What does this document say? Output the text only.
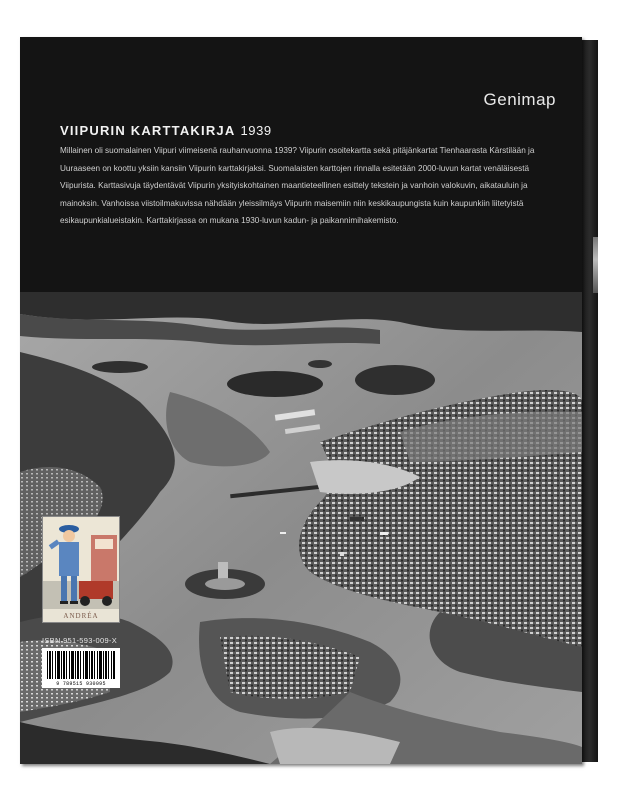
Genimap
VIIPURIN KARTTAKIRJA 1939
Millainen oli suomalainen Viipuri viimeisenä rauhanvuonna 1939? Viipurin osoitekartta sekä pitäjänkartat Tienhaarasta Kärstilään ja Uuraaseen on koottu yksiin kansiin Viipurin karttakirjaksi. Suomalaisten karttojen rinnalla esitetään 2000-luvun kartat venäläisestä Viipurista. Karttasivuja täydentävät Viipurin yksityiskohtainen maantieteellinen esittely tekstein ja vanhoin valokuvin, aikatauluin ja mainoksin. Vanhoissa viistoilmakuvissa nähdään yleissilmäys Viipurin maisemiin niin keskikaupungista kuin kaupunkiin liitetyistä esikaupunkialueistakin. Karttakirjassa on mukana 1930-luvun kadun- ja paikannimihakemisto.
ANDRÉA
ISBN 951-593-009-X
9 789515 930095
